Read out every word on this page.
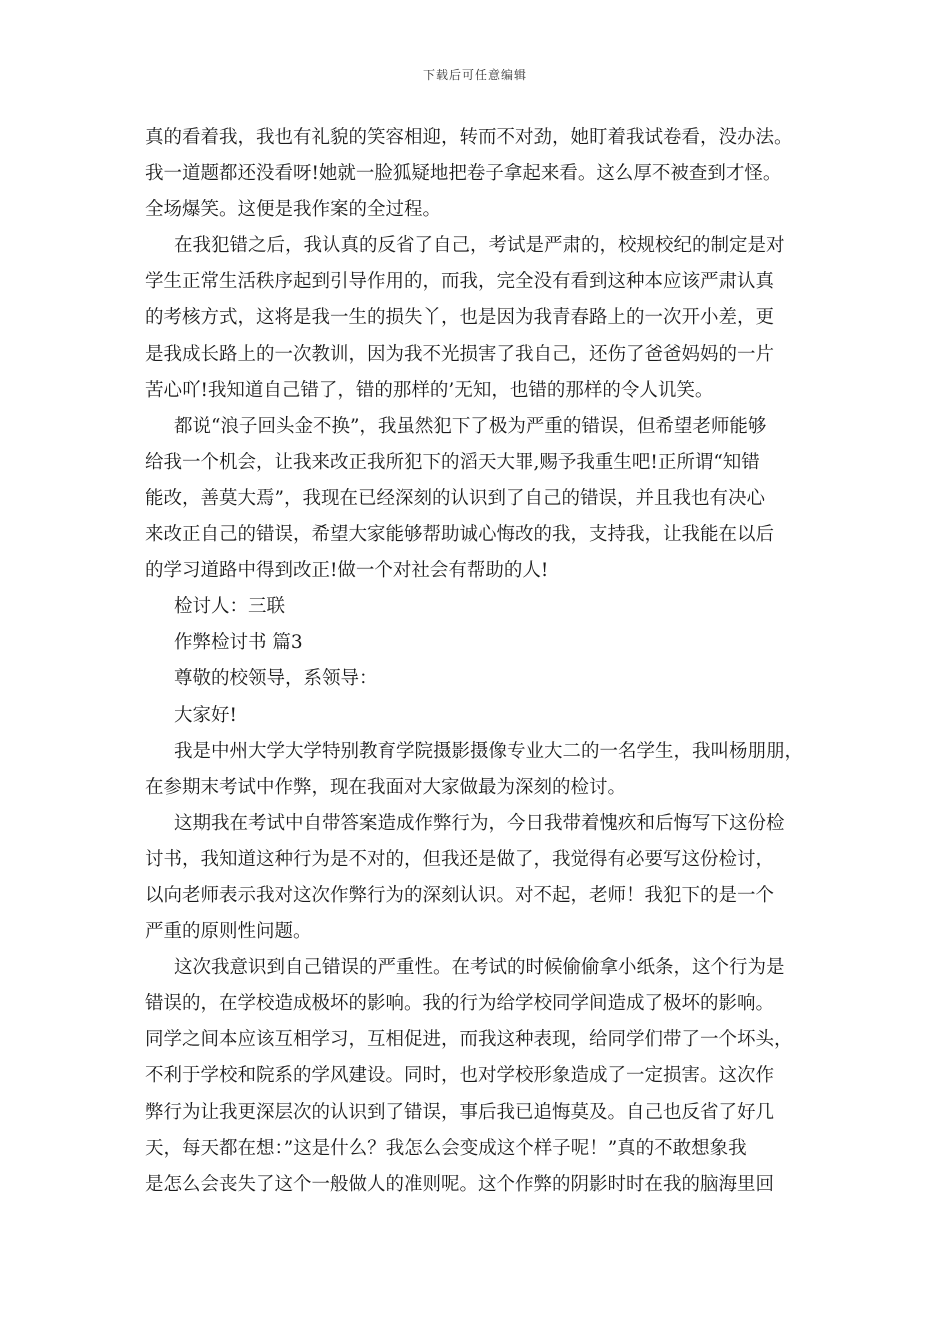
下载后可任意编辑
真的看着我，我也有礼貌的笑容相迎，转而不对劲，她盯着我试卷看，没办法。
我一道题都还没看呀!她就一脸狐疑地把卷子拿起来看。这么厚不被查到才怪。
全场爆笑。这便是我作案的全过程。
在我犯错之后，我认真的反省了自己，考试是严肃的，校规校纪的制定是对
学生正常生活秩序起到引导作用的，而我，完全没有看到这种本应该严肃认真
的考核方式，这将是我一生的损失丫，也是因为我青春路上的一次开小差，更
是我成长路上的一次教训，因为我不光损害了我自己，还伤了爸爸妈妈的一片
苦心吖!我知道自己错了，错的那样的’无知，也错的那样的令人讥笑。
都说“浪子回头金不换”，我虽然犯下了极为严重的错误，但希望老师能够
给我一个机会，让我来改正我所犯下的滔天大罪,赐予我重生吧!正所谓“知错
能改，善莫大焉”，我现在已经深刻的认识到了自己的错误，并且我也有决心
来改正自己的错误，希望大家能够帮助诚心悔改的我，支持我，让我能在以后
的学习道路中得到改正!做一个对社会有帮助的人!
检讨人：三联
作弊检讨书 篇3
尊敬的校领导，系领导：
大家好!
我是中州大学大学特别教育学院摄影摄像专业大二的一名学生，我叫杨朋朋，
在参期末考试中作弊，现在我面对大家做最为深刻的检讨。
这期我在考试中自带答案造成作弊行为，今日我带着愧疚和后悔写下这份检
讨书，我知道这种行为是不对的，但我还是做了，我觉得有必要写这份检讨，
以向老师表示我对这次作弊行为的深刻认识。对不起，老师！我犯下的是一个
严重的原则性问题。
这次我意识到自己错误的严重性。在考试的时候偷偷拿小纸条，这个行为是
错误的，在学校造成极坏的影响。我的行为给学校同学间造成了极坏的影响。
同学之间本应该互相学习，互相促进，而我这种表现，给同学们带了一个坏头，
不利于学校和院系的学风建设。同时，也对学校形象造成了一定损害。这次作
弊行为让我更深层次的认识到了错误，事后我已追悔莫及。自己也反省了好几
天，每天都在想：”这是什么？我怎么会变成这个样子呢！”真的不敢想象我
是怎么会丧失了这个一般做人的准则呢。这个作弊的阴影时时在我的脑海里回
